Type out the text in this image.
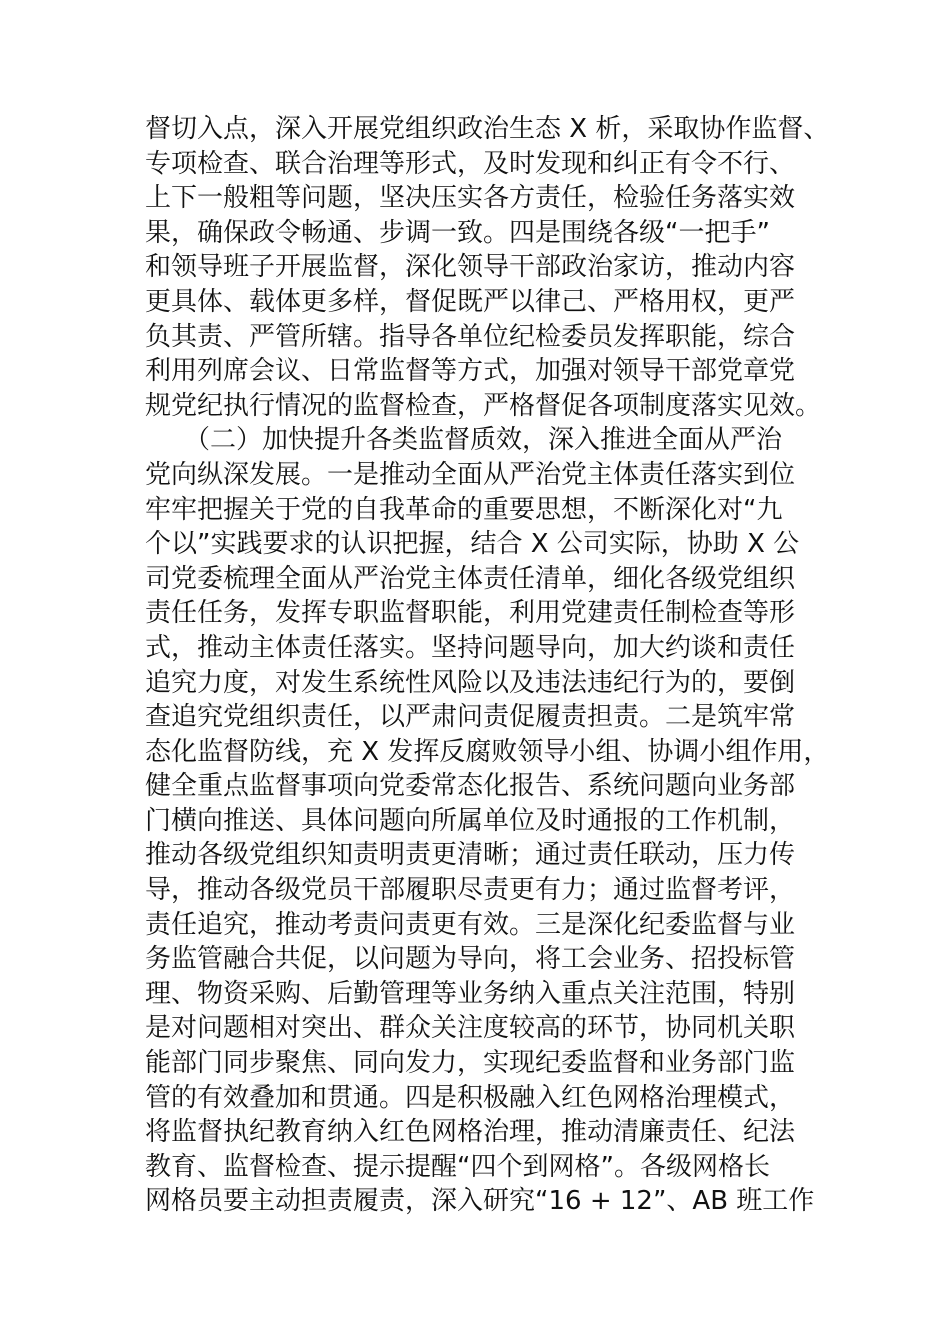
督切入点，深入开展党组织政治生态 X 析，采取协作监督、
专项检查、联合治理等形式，及时发现和纠正有令不行、
上下一般粗等问题，坚决压实各方责任，检验任务落实效
果，确保政令畅通、步调一致。四是围绕各级“一把手”
和领导班子开展监督，深化领导干部政治家访，推动内容
更具体、载体更多样，督促既严以律己、严格用权，更严
负其责、严管所辖。指导各单位纪检委员发挥职能，综合
利用列席会议、日常监督等方式，加强对领导干部党章党
规党纪执行情况的监督检查，严格督促各项制度落实见效。
　　（二）加快提升各类监督质效，深入推进全面从严治
党向纵深发展。一是推动全面从严治党主体责任落实到位
牢牢把握关于党的自我革命的重要思想，不断深化对“九
个以”实践要求的认识把握，结合 X 公司实际，协助 X 公
司党委梳理全面从严治党主体责任清单，细化各级党组织
责任任务，发挥专职监督职能，利用党建责任制检查等形
式，推动主体责任落实。坚持问题导向，加大约谈和责任
追究力度，对发生系统性风险以及违法违纪行为的，要倒
查追究党组织责任，以严肃问责促履责担责。二是筑牢常
态化监督防线，充 X 发挥反腐败领导小组、协调小组作用，
健全重点监督事项向党委常态化报告、系统问题向业务部
门横向推送、具体问题向所属单位及时通报的工作机制，
推动各级党组织知责明责更清晰；通过责任联动，压力传
导，推动各级党员干部履职尽责更有力；通过监督考评，
责任追究，推动考责问责更有效。三是深化纪委监督与业
务监管融合共促，以问题为导向，将工会业务、招投标管
理、物资采购、后勤管理等业务纳入重点关注范围，特别
是对问题相对突出、群众关注度较高的环节，协同机关职
能部门同步聚焦、同向发力，实现纪委监督和业务部门监
管的有效叠加和贯通。四是积极融入红色网格治理模式，
将监督执纪教育纳入红色网格治理，推动清廉责任、纪法
教育、监督检查、提示提醒“四个到网格”。各级网格长
网格员要主动担责履责，深入研究“16 + 12”、AB 班工作
